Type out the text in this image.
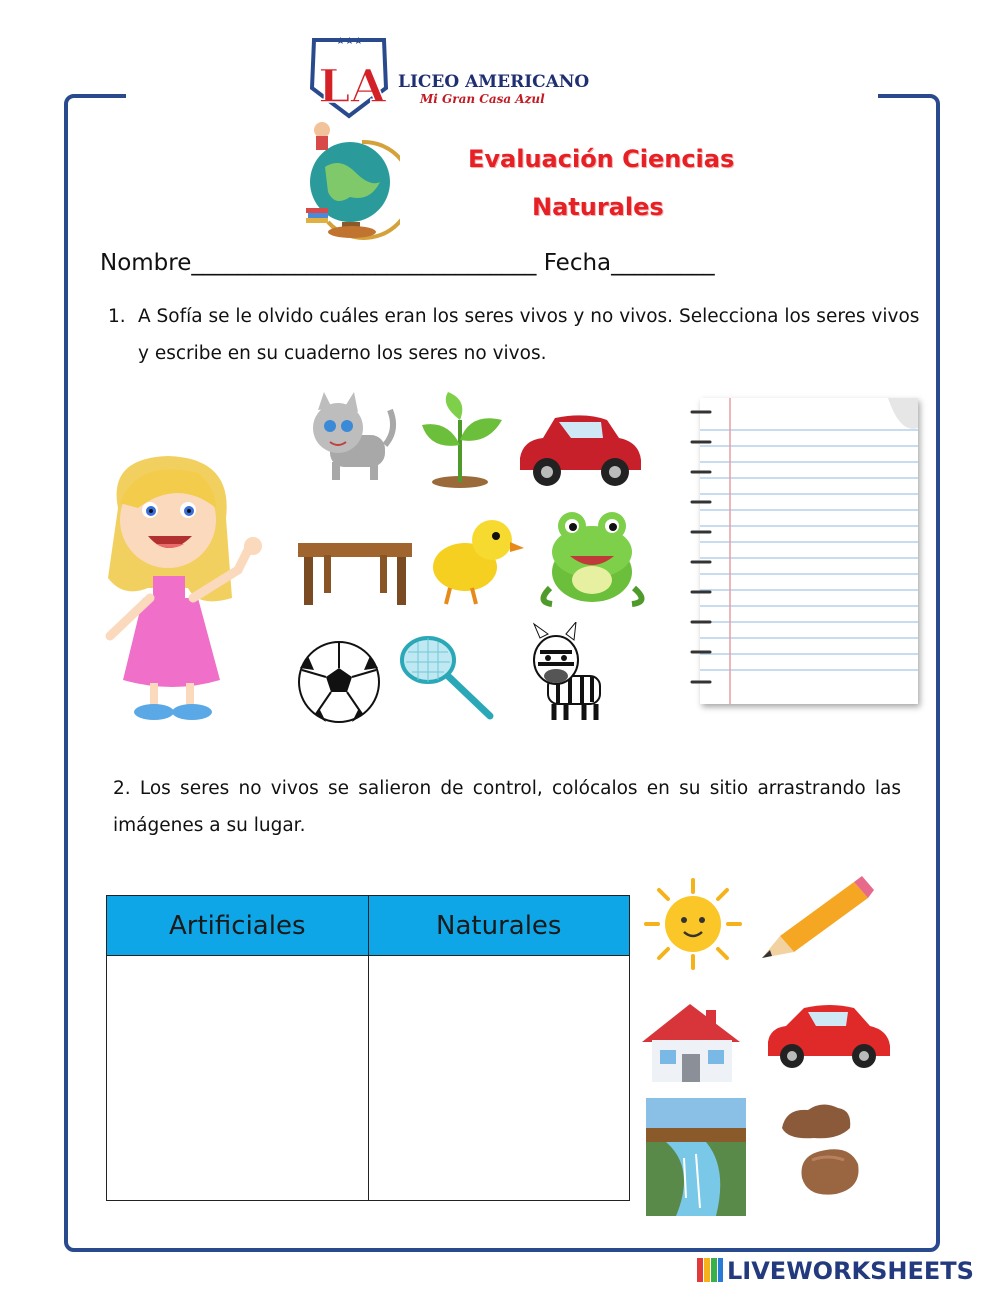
LA
★★★
LICEO AMERICANO
Mi Gran Casa Azul
Evaluación Ciencias
Naturales
Nombre______________________________ Fecha_________
1. A Sofía se le olvido cuáles eran los seres vivos y no vivos. Selecciona los seres vivos y escribe en su cuaderno los seres no vivos.
2. Los seres no vivos se salieron de control, colócalos en su sitio arrastrando las imágenes a su lugar.
Artificiales	Naturales

LIVEWORKSHEETS
